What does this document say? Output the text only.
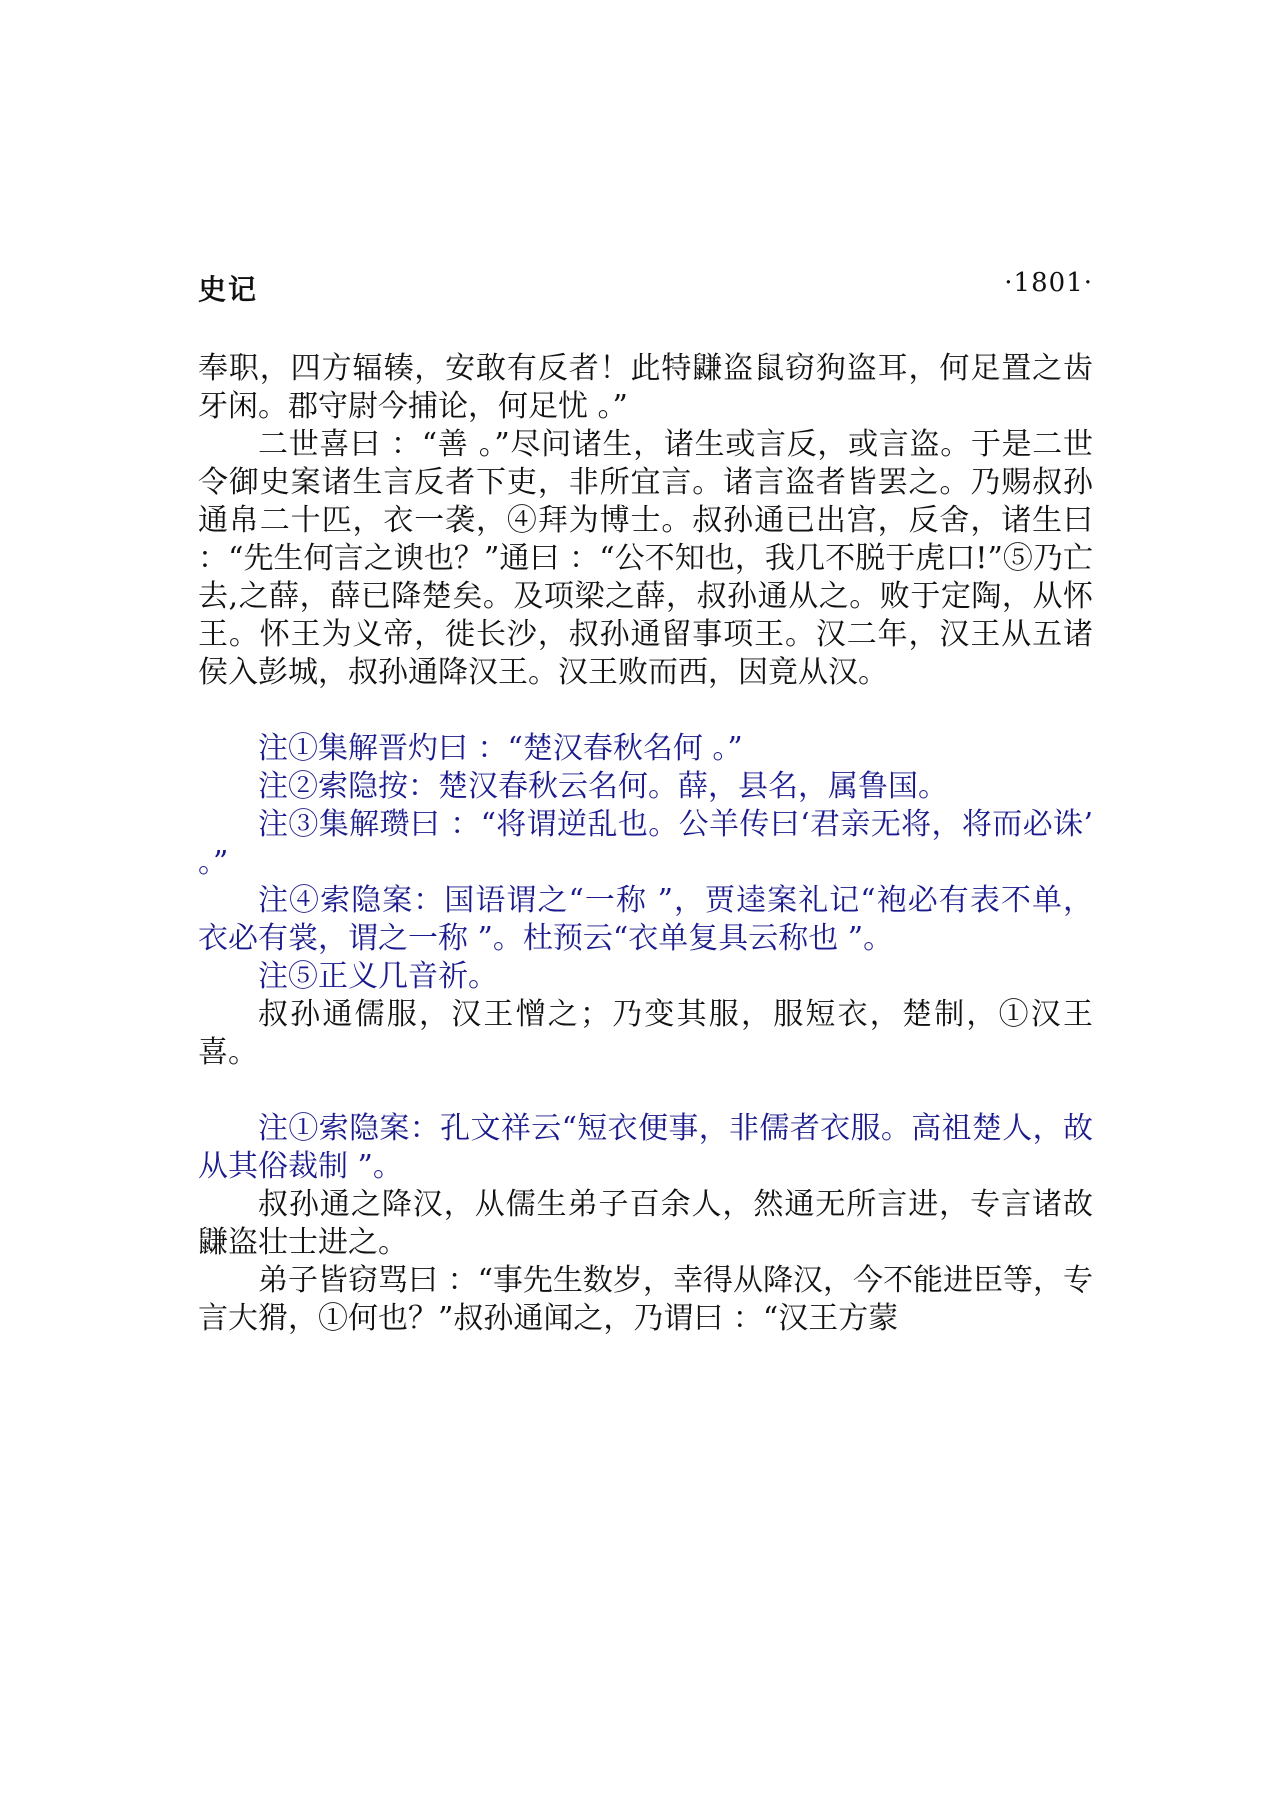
史记	·1801·

奉职，四方辐辏，安敢有反者！此特鼸盗鼠窃狗盗耳，何足置之齿牙闲。郡守尉今捕论，何足忧 。”

二世喜曰 ：“善 。”尽问诸生，诸生或言反，或言盗。于是二世令御史案诸生言反者下吏，非所宜言。诸言盗者皆罢之。乃赐叔孙通帛二十匹，衣一袭，④拜为博士。叔孙通已出宫，反舍，诸生曰 ：“先生何言之谀也？”通曰 ：“公不知也，我几不脱于虎口!”⑤乃亡去,之薛，薛已降楚矣。及项梁之薛，叔孙通从之。败于定陶，从怀王。怀王为义帝，徙长沙，叔孙通留事项王。汉二年，汉王从五诸侯入彭城，叔孙通降汉王。汉王败而西，因竟从汉。

注①集解晋灼曰 ：“楚汉春秋名何 。”

注②索隐按：楚汉春秋云名何。薛，县名，属鲁国。

注③集解瓒曰 ：“将谓逆乱也。公羊传曰‘君亲无将，将而必诛’ 。”

注④索隐案：国语谓之“一称 ”，贾逵案礼记“袍必有表不单，衣必有裳，谓之一称 ”。杜预云“衣单复具云称也 ”。

注⑤正义几音祈。

叔孙通儒服，汉王憎之；乃变其服，服短衣，楚制，①汉王喜。

注①索隐案：孔文祥云“短衣便事，非儒者衣服。高祖楚人，故从其俗裁制 ”。

叔孙通之降汉，从儒生弟子百余人，然通无所言进，专言诸故鼸盗壮士进之。

弟子皆窃骂曰 ：“事先生数岁，幸得从降汉，今不能进臣等，专言大猾，①何也？”叔孙通闻之，乃谓曰 ：“汉王方蒙
